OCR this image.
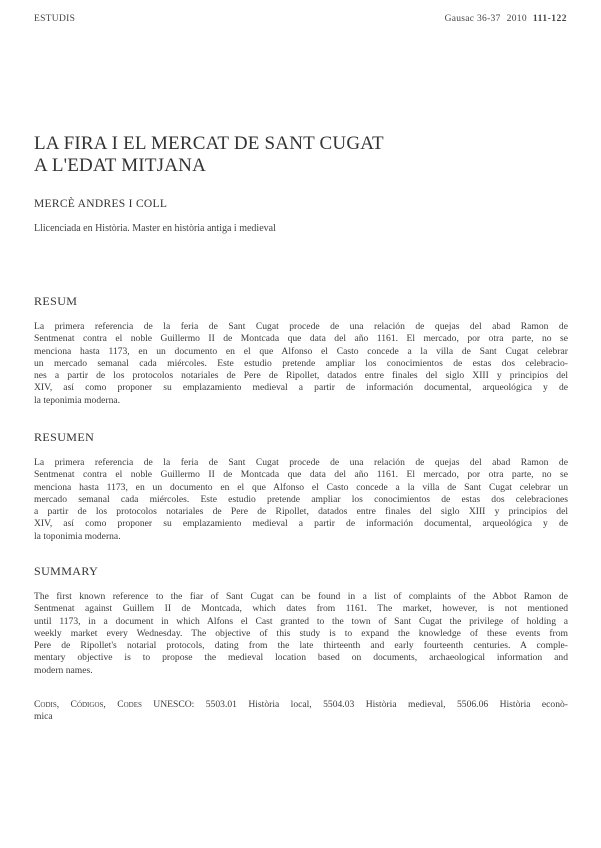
ESTUDIS	Gausac 36-37 2010 111-122
LA FIRA I EL MERCAT DE SANT CUGAT
A L'EDAT MITJANA
MERCÈ ANDRES I COLL
Llicenciada en Història. Master en història antiga i medieval
RESUM
La primera referencia de la feria de Sant Cugat procede de una relación de quejas del abad Ramon de
Sentmenat contra el noble Guillermo II de Montcada que data del año 1161. El mercado, por otra parte, no se
menciona hasta 1173, en un documento en el que Alfonso el Casto concede a la villa de Sant Cugat celebrar
un mercado semanal cada miércoles. Este estudio pretende ampliar los conocimientos de estas dos celebracio-
nes a partir de los protocolos notariales de Pere de Ripollet, datados entre finales del siglo XIII y principios del
XIV, así como proponer su emplazamiento medieval a partir de información documental, arqueológica y de
la teponimia moderna.
RESUMEN
La primera referencia de la feria de Sant Cugat procede de una relación de quejas del abad Ramon de
Sentmenat contra el noble Guillermo II de Montcada que data del año 1161. El mercado, por otra parte, no se
menciona hasta 1173, en un documento en el que Alfonso el Casto concede a la villa de Sant Cugat celebrar un
mercado semanal cada miércoles. Este estudio pretende ampliar los conocimientos de estas dos celebraciones
a partir de los protocolos notariales de Pere de Ripollet, datados entre finales del siglo XIII y principios del
XIV, así como proponer su emplazamiento medieval a partir de información documental, arqueológica y de
la toponimia moderna.
SUMMARY
The first known reference to the fiar of Sant Cugat can be found in a list of complaints of the Abbot Ramon de
Sentmenat against Guillem II de Montcada, which dates from 1161. The market, however, is not mentioned
until 1173, in a document in which Alfons el Cast granted to the town of Sant Cugat the privilege of holding a
weekly market every Wednesday. The objective of this study is to expand the knowledge of these events from
Pere de Ripollet's notarial protocols, dating from the late thirteenth and early fourteenth centuries. A comple-
mentary objective is to propose the medieval location based on documents, archaeological information and
modern names.
Codis, Códigos, Codes UNESCO: 5503.01 Història local, 5504.03 Història medieval, 5506.06 Història econò-
mica
